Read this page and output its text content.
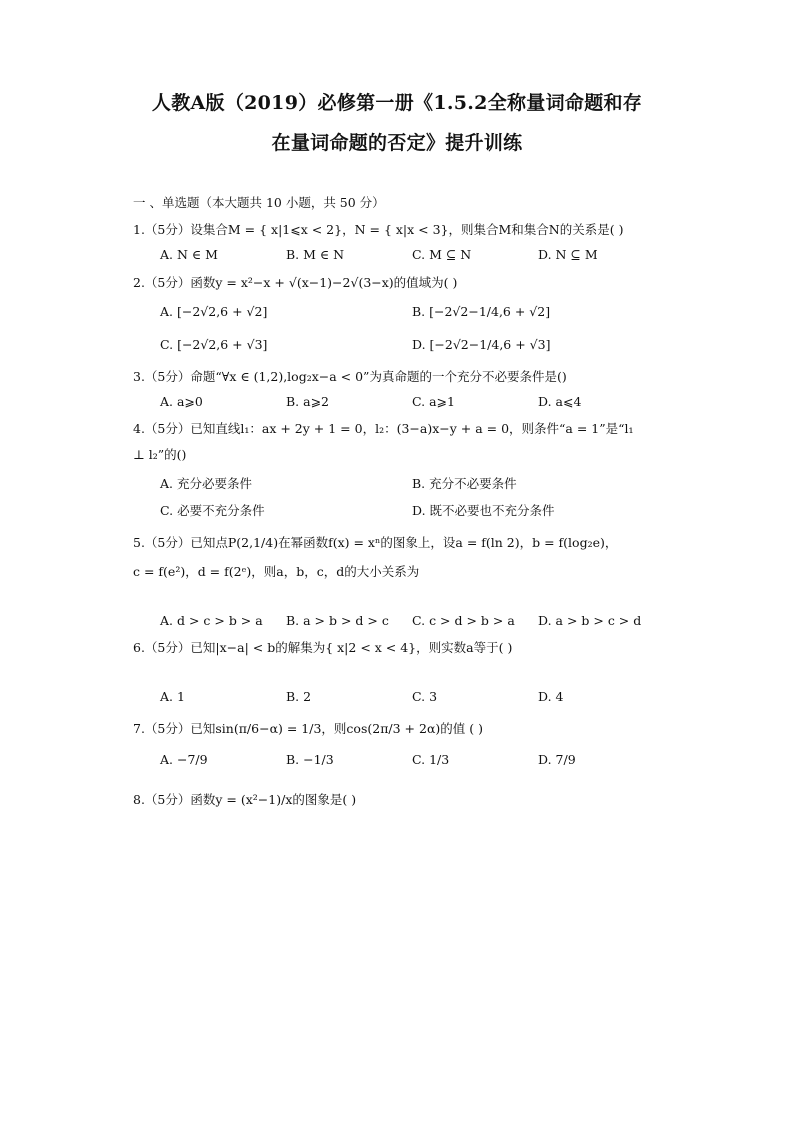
人教A版（2019）必修第一册《1.5.2全称量词命题和存
在量词命题的否定》提升训练
一 、单选题（本大题共 10 小题，共 50 分）
1.（5分）设集合M = { x|1⩽x < 2}，N = { x|x < 3}，则集合M和集合N的关系是( )
A. N ∈ M	B. M ∈ N	C. M ⊆ N	D. N ⊆ M
2.（5分）函数y = x²−x + √(x−1)−2√(3−x)的值域为( )
A. [−2√2,6 + √2]	B. [−2√2−1/4,6 + √2]
C. [−2√2,6 + √3]	D. [−2√2−1/4,6 + √3]
3.（5分）命题“∀x ∈ (1,2),log₂x−a < 0”为真命题的一个充分不必要条件是()
A. a⩾0	B. a⩾2	C. a⩾1	D. a⩽4
4.（5分）已知直线l₁：ax + 2y + 1 = 0，l₂：(3−a)x−y + a = 0，则条件“a = 1”是“l₁
⊥ l₂”的()
A. 充分必要条件	B. 充分不必要条件
C. 必要不充分条件	D. 既不必要也不充分条件
5.（5分）已知点P(2,1/4)在幂函数f(x) = xⁿ的图象上，设a = f(ln 2)，b = f(log₂e)，
c = f(e²)，d = f(2ᵉ)，则a，b，c，d的大小关系为
A. d > c > b > a B. a > b > d > c C. c > d > b > a D. a > b > c > d
6.（5分）已知|x−a| < b的解集为{ x|2 < x < 4}，则实数a等于( )
A. 1	B. 2	C. 3	D. 4
7.（5分）已知sin(π/6−α) = 1/3，则cos(2π/3 + 2α)的值 ( )
A. −7/9	B. −1/3	C. 1/3	D. 7/9
8.（5分）函数y = (x²−1)/x的图象是( )
